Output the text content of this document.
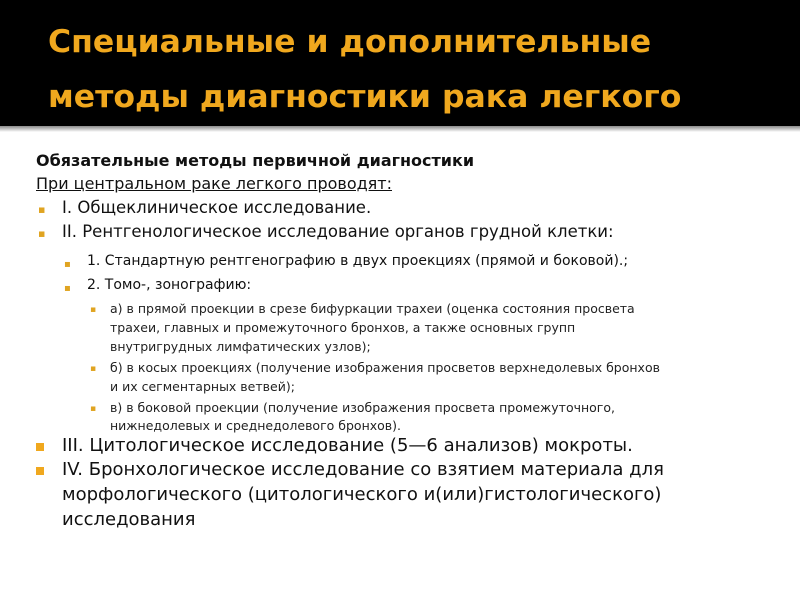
Специальные и дополнительные
методы диагностики рака легкого
Обязательные методы первичной диагностики
При центральном раке легкого проводят:
▪ I. Общеклиническое исследование.
▪ II. Рентгенологическое исследование органов грудной клетки:
▪ 1. Стандартную рентгенографию в двух проекциях (прямой и боковой).;
▪ 2. Томо-, зонографию:
▪ а) в прямой проекции в срезе бифуркации трахеи (оценка состояния просвета
трахеи, главных и промежуточного бронхов, а также основных групп
внутригрудных лимфатических узлов);
▪ б) в косых проекциях (получение изображения просветов верхнедолевых бронхов
и их сегментарных ветвей);
▪ в) в боковой проекции (получение изображения просвета промежуточного,
нижнедолевых и среднедолевого бронхов).
III. Цитологическое исследование (5—6 анализов) мокроты.
IV. Бронхологическое исследование со взятием материала для
морфологического (цитологического и(или)гистологического)
исследования
